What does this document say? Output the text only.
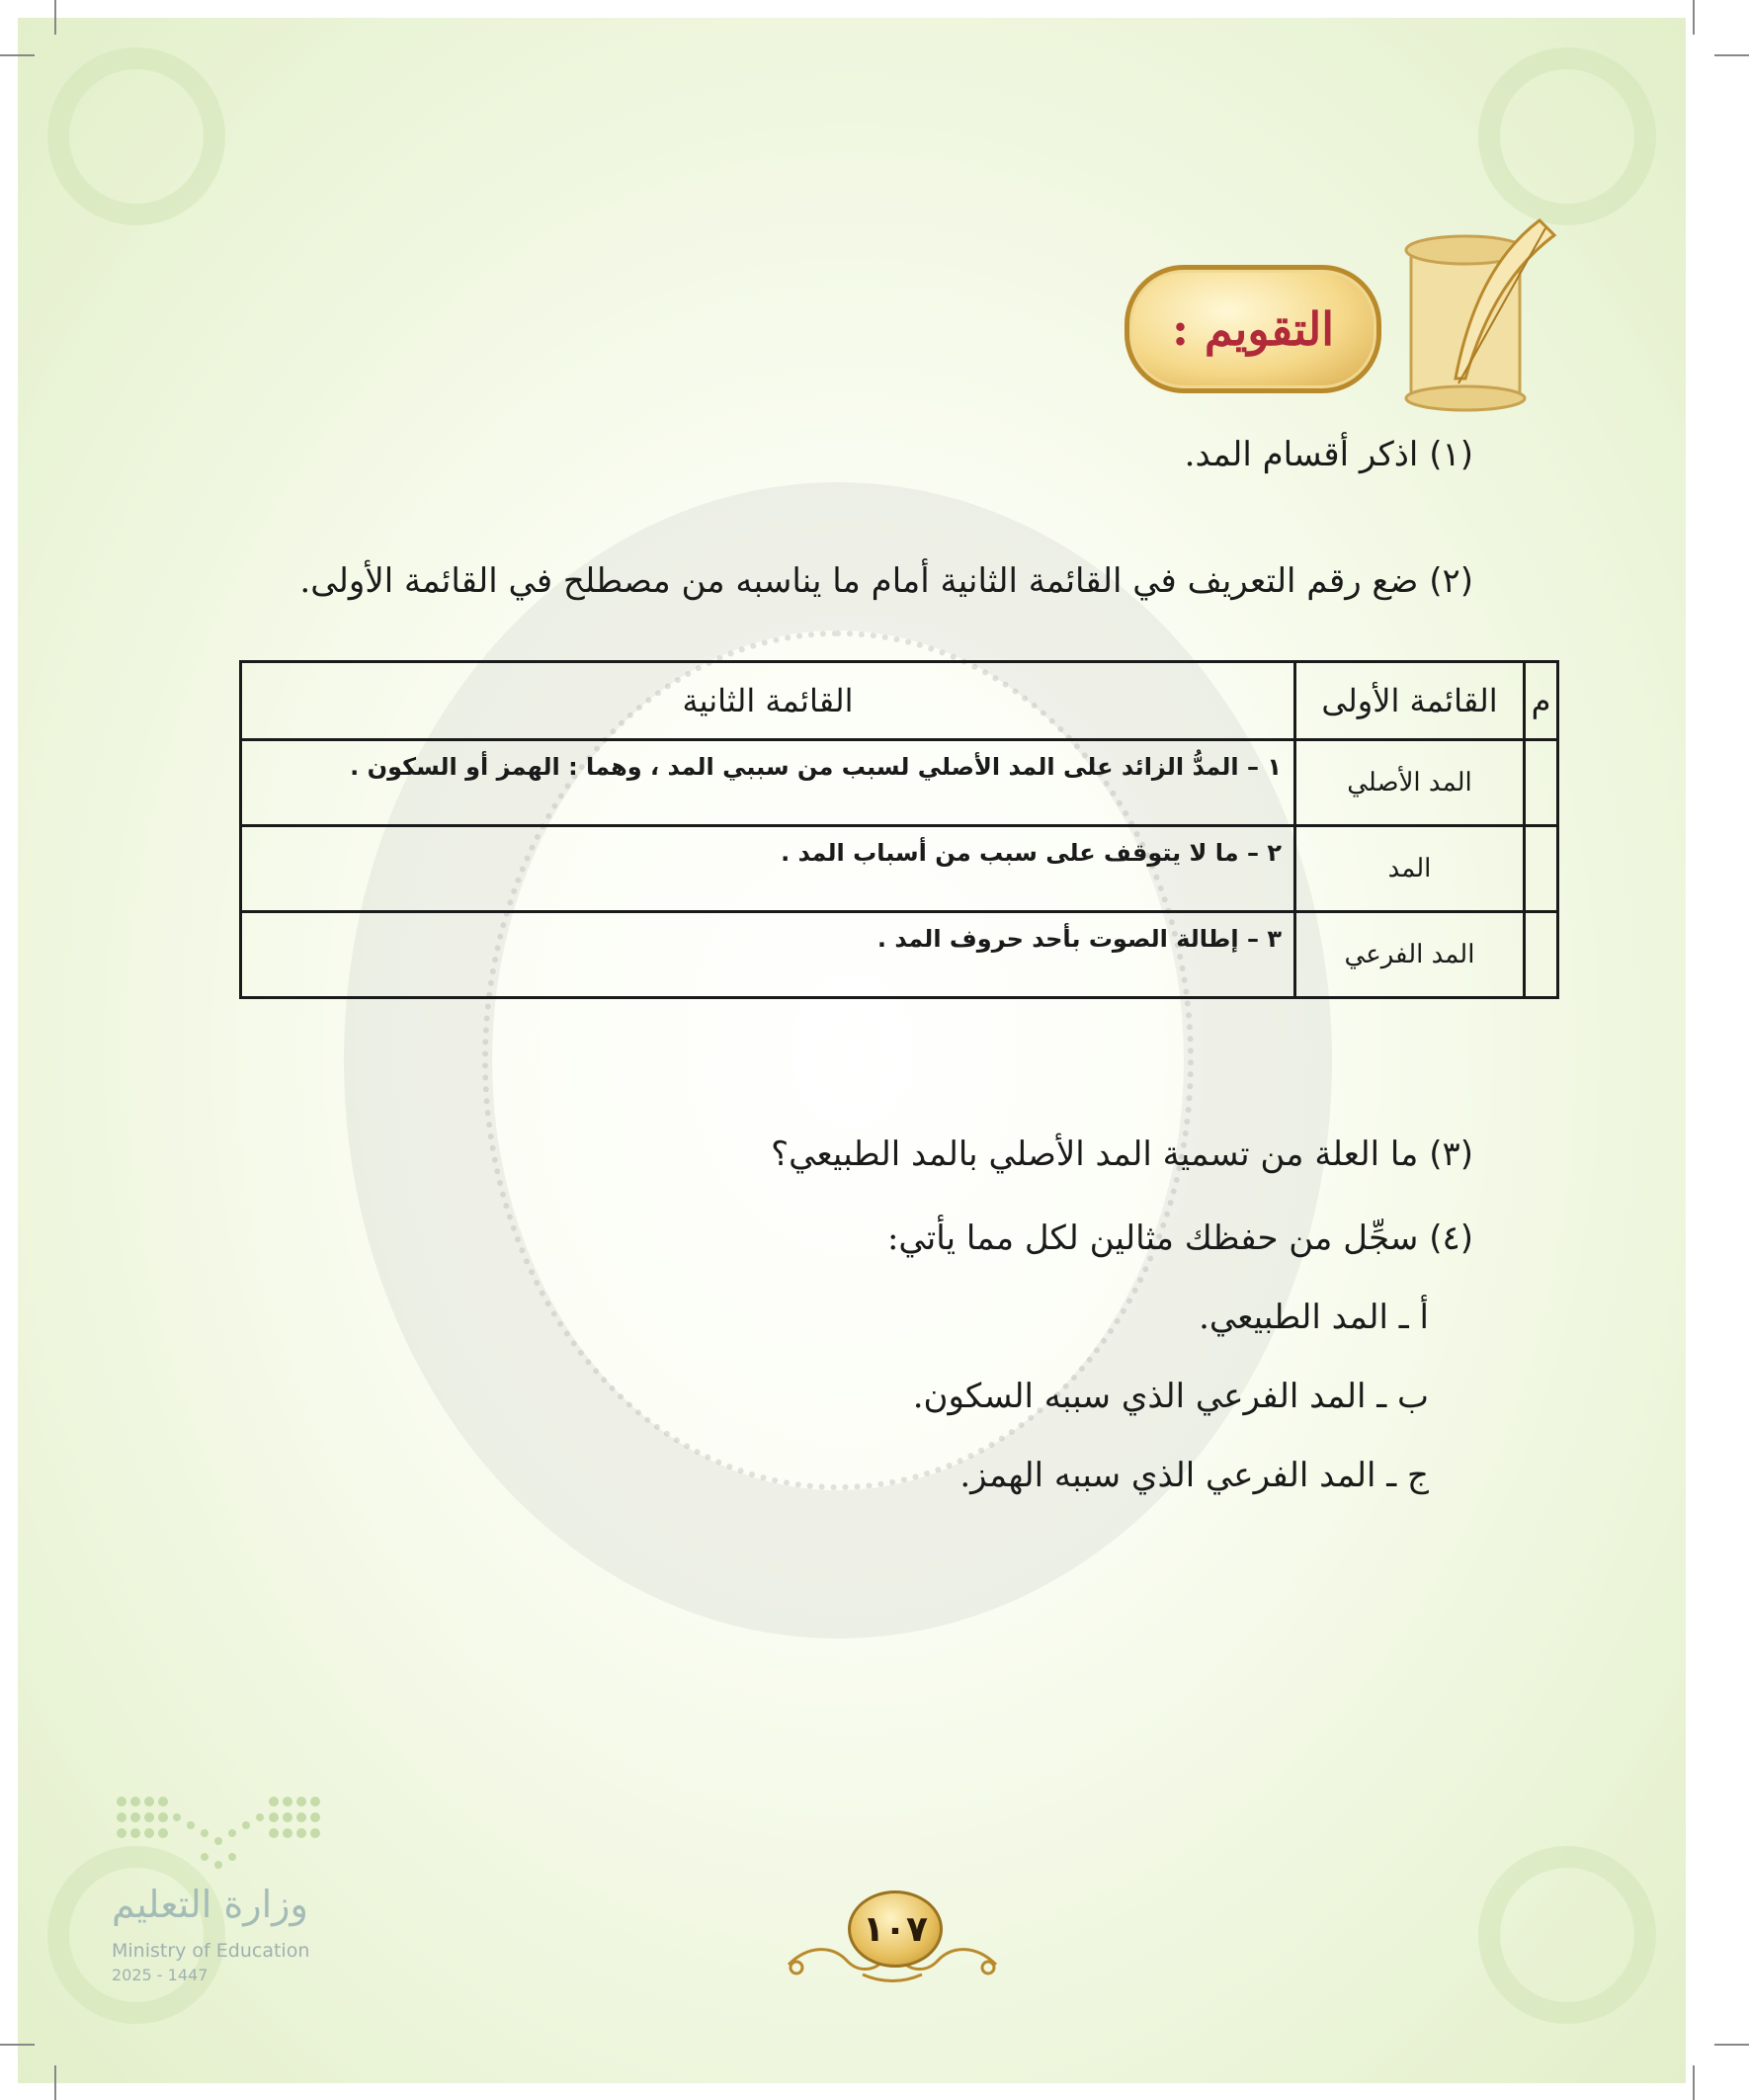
التقويم :
(١) اذكر أقسام المد.
(٢) ضع رقم التعريف في القائمة الثانية أمام ما يناسبه من مصطلح في القائمة الأولى.
م	القائمة الأولى	القائمة الثانية
	المد الأصلي	١ – المدُّ الزائد على المد الأصلي لسبب من سببي المد ، وهما : الهمز أو السكون .
	المد	٢ – ما لا يتوقف على سبب من أسباب المد .
	المد الفرعي	٣ – إطالة الصوت بأحد حروف المد .
(٣) ما العلة من تسمية المد الأصلي بالمد الطبيعي؟
(٤) سجِّل من حفظك مثالين لكل مما يأتي:
أ ـ المد الطبيعي.
ب ـ المد الفرعي الذي سببه السكون.
ج ـ المد الفرعي الذي سببه الهمز.
وزارة التعليم
Ministry of Education
2025 - 1447
١٠٧
